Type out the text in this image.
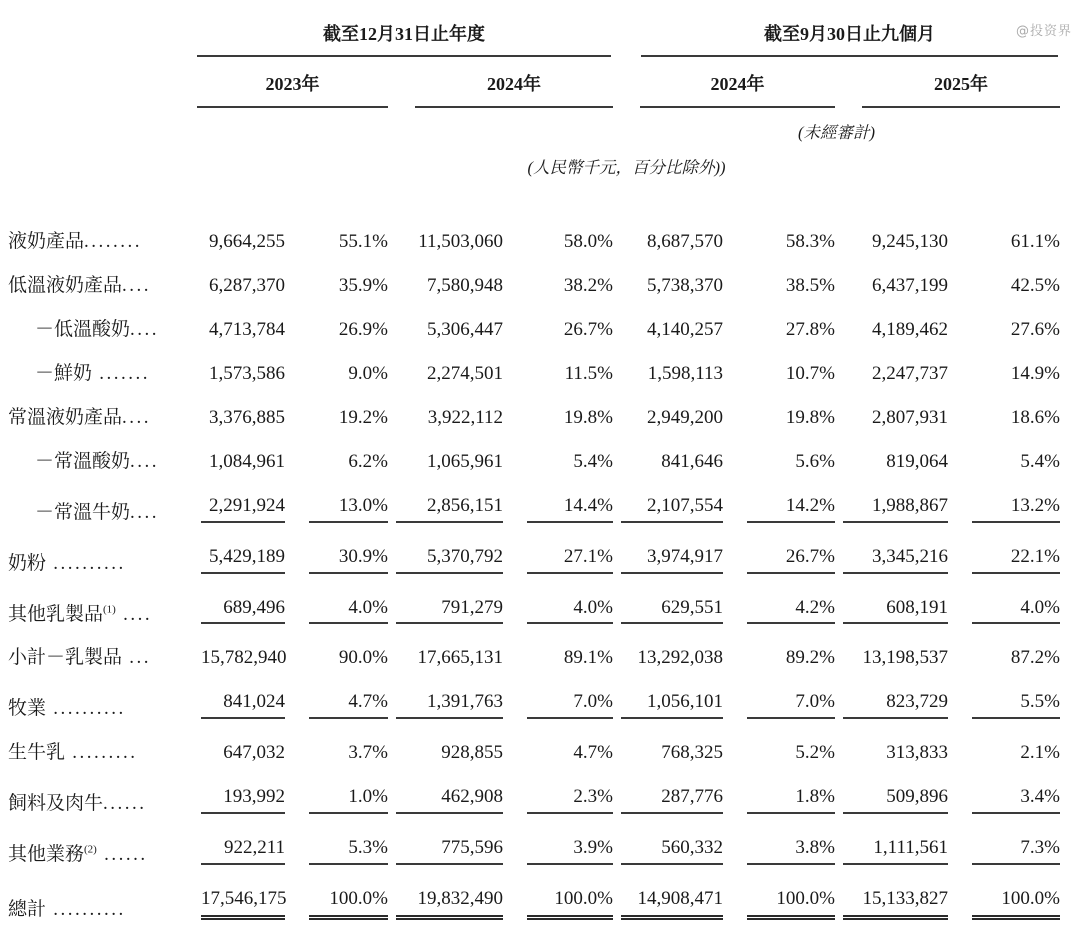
@投资界

	截至12月31日止年度				截至9月30日止九個月			

	2023年		2024年		2024年		2025年	

					(未經審計)			

	(人民幣千元，百分比除外))							

液奶產品........	9,664,255	55.1%	11,503,060	58.0%	8,687,570	58.3%	9,245,130	61.1%

低溫液奶產品....	6,287,370	35.9%	7,580,948	38.2%	5,738,370	38.5%	6,437,199	42.5%

－低溫酸奶....	4,713,784	26.9%	5,306,447	26.7%	4,140,257	27.8%	4,189,462	27.6%

－鮮奶 .......	1,573,586	9.0%	2,274,501	11.5%	1,598,113	10.7%	2,247,737	14.9%

常溫液奶產品....	3,376,885	19.2%	3,922,112	19.8%	2,949,200	19.8%	2,807,931	18.6%

－常溫酸奶....	1,084,961	6.2%	1,065,961	5.4%	841,646	5.6%	819,064	5.4%

－常溫牛奶....	2,291,924	13.0%	2,856,151	14.4%	2,107,554	14.2%	1,988,867	13.2%

奶粉 ..........	5,429,189	30.9%	5,370,792	27.1%	3,974,917	26.7%	3,345,216	22.1%

其他乳製品$^{(1)}$ ....	689,496	4.0%	791,279	4.0%	629,551	4.2%	608,191	4.0%

小計－乳製品 ...	15,782,940	90.0%	17,665,131	89.1%	13,292,038	89.2%	13,198,537	87.2%

牧業 ..........	841,024	4.7%	1,391,763	7.0%	1,056,101	7.0%	823,729	5.5%

生牛乳 .........	647,032	3.7%	928,855	4.7%	768,325	5.2%	313,833	2.1%

飼料及肉牛......	193,992	1.0%	462,908	2.3%	287,776	1.8%	509,896	3.4%

其他業務$^{(2)}$ ......	922,211	5.3%	775,596	3.9%	560,332	3.8%	1,111,561	7.3%

總計 ..........	17,546,175	100.0%	19,832,490	100.0%	14,908,471	100.0%	15,133,827	100.0%
